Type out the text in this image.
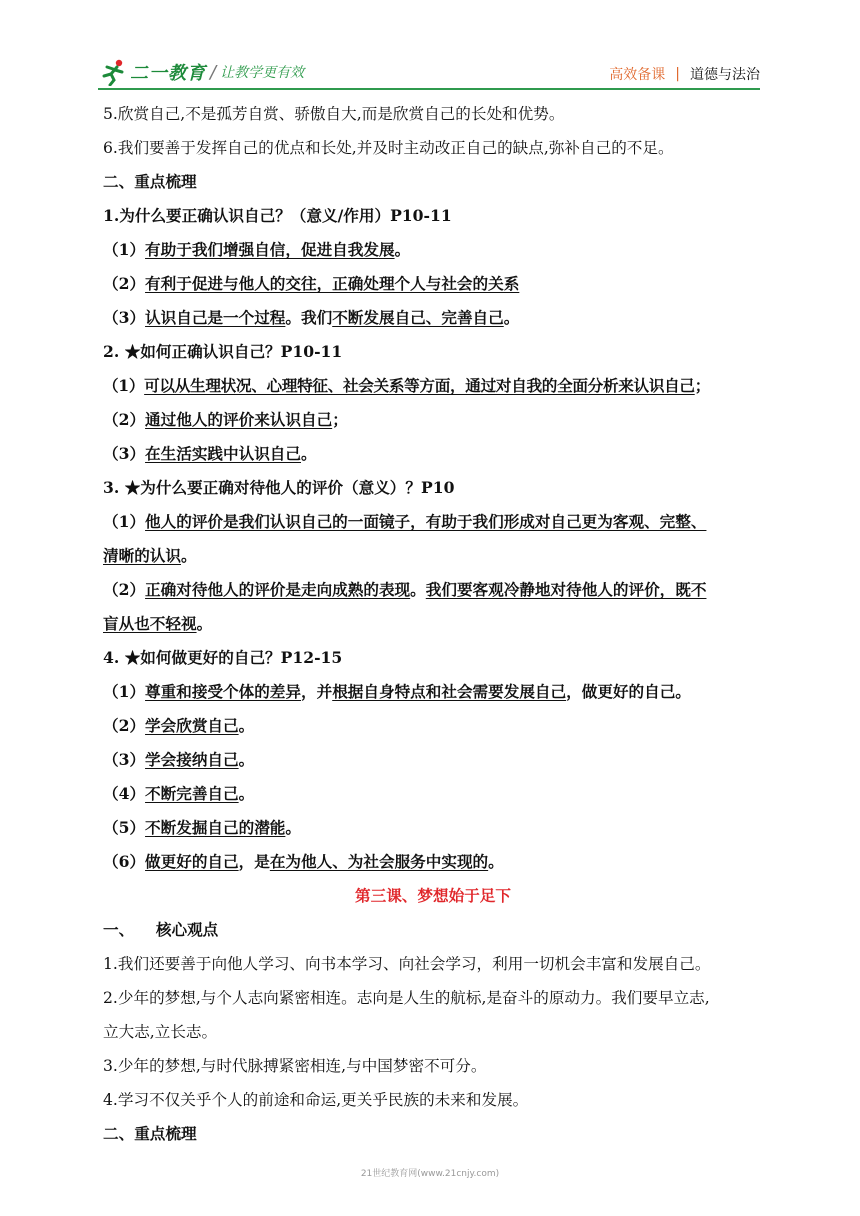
二一教育 / 让教学更有效	高效备课 | 道德与法治
5.欣赏自己,不是孤芳自赏、骄傲自大,而是欣赏自己的长处和优势。
6.我们要善于发挥自己的优点和长处,并及时主动改正自己的缺点,弥补自己的不足。
二、重点梳理
1.为什么要正确认识自己？（意义/作用）P10-11
（1）有助于我们增强自信，促进自我发展。
（2）有利于促进与他人的交往，正确处理个人与社会的关系
（3）认识自己是一个过程。我们不断发展自己、完善自己。
2. ★如何正确认识自己？P10-11
（1）可以从生理状况、心理特征、社会关系等方面，通过对自我的全面分析来认识自己；
（2）通过他人的评价来认识自己；
（3）在生活实践中认识自己。
3. ★为什么要正确对待他人的评价（意义）？P10
（1）他人的评价是我们认识自己的一面镜子，有助于我们形成对自己更为客观、完整、
清晰的认识。
（2）正确对待他人的评价是走向成熟的表现。我们要客观冷静地对待他人的评价，既不
盲从也不轻视。
4. ★如何做更好的自己？P12-15
（1）尊重和接受个体的差异，并根据自身特点和社会需要发展自己，做更好的自己。
（2）学会欣赏自己。
（3）学会接纳自己。
（4）不断完善自己。
（5）不断发掘自己的潜能。
（6）做更好的自己，是在为他人、为社会服务中实现的。
第三课、梦想始于足下
一、    核心观点
1.我们还要善于向他人学习、向书本学习、向社会学习，利用一切机会丰富和发展自己。
2.少年的梦想,与个人志向紧密相连。志向是人生的航标,是奋斗的原动力。我们要早立志,
立大志,立长志。
3.少年的梦想,与时代脉搏紧密相连,与中国梦密不可分。
4.学习不仅关乎个人的前途和命运,更关乎民族的未来和发展。
二、重点梳理
21世纪教育网(www.21cnjy.com)
